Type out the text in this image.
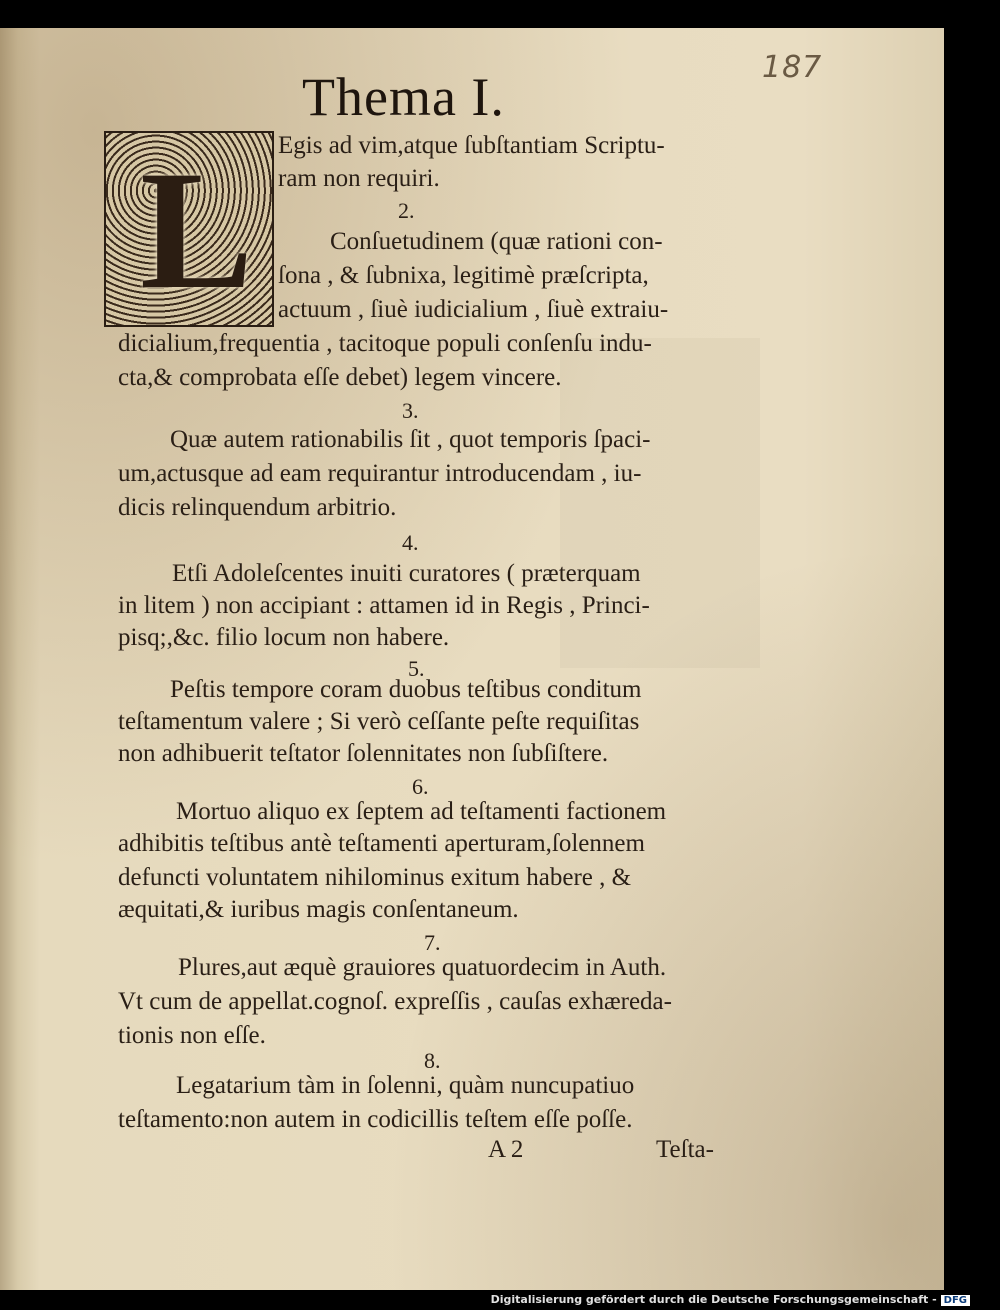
187
Thema I.
L Egis ad vim,atque ſubſtantiam Scriptu-
ram non requiri.
2.
Conſuetudinem (quæ rationi con-
ſona , & ſubnixa, legitimè præſcripta,
actuum , ſiuè iudicialium , ſiuè extraiu-
dicialium,frequentia , tacitoque populi conſenſu indu-
cta,& comprobata eſſe debet) legem vincere.
3.
Quæ autem rationabilis ſit , quot temporis ſpaci-
um,actusque ad eam requirantur introducendam , iu-
dicis relinquendum arbitrio.
4.
Etſi Adoleſcentes inuiti curatores ( præterquam
in litem ) non accipiant : attamen id in Regis , Princi-
pisq;,&c. filio locum non habere.
5.
Peſtis tempore coram duobus teſtibus conditum
teſtamentum valere ; Si verò ceſſante peſte requiſitas
non adhibuerit teſtator ſolennitates non ſubſiſtere.
6.
Mortuo aliquo ex ſeptem ad teſtamenti factionem
adhibitis teſtibus antè teſtamenti aperturam,ſolennem
defuncti voluntatem nihilominus exitum habere , &
æquitati,& iuribus magis conſentaneum.
7.
Plures,aut æquè grauiores quatuordecim in Auth.
Vt cum de appellat.cognoſ. expreſſis , cauſas exhæreda-
tionis non eſſe.
8.
Legatarium tàm in ſolenni, quàm nuncupatiuo
teſtamento:non autem in codicillis teſtem eſſe poſſe.
A 2	Teſta-
Digitalisierung gefördert durch die Deutsche Forschungsgemeinschaft - DFG
